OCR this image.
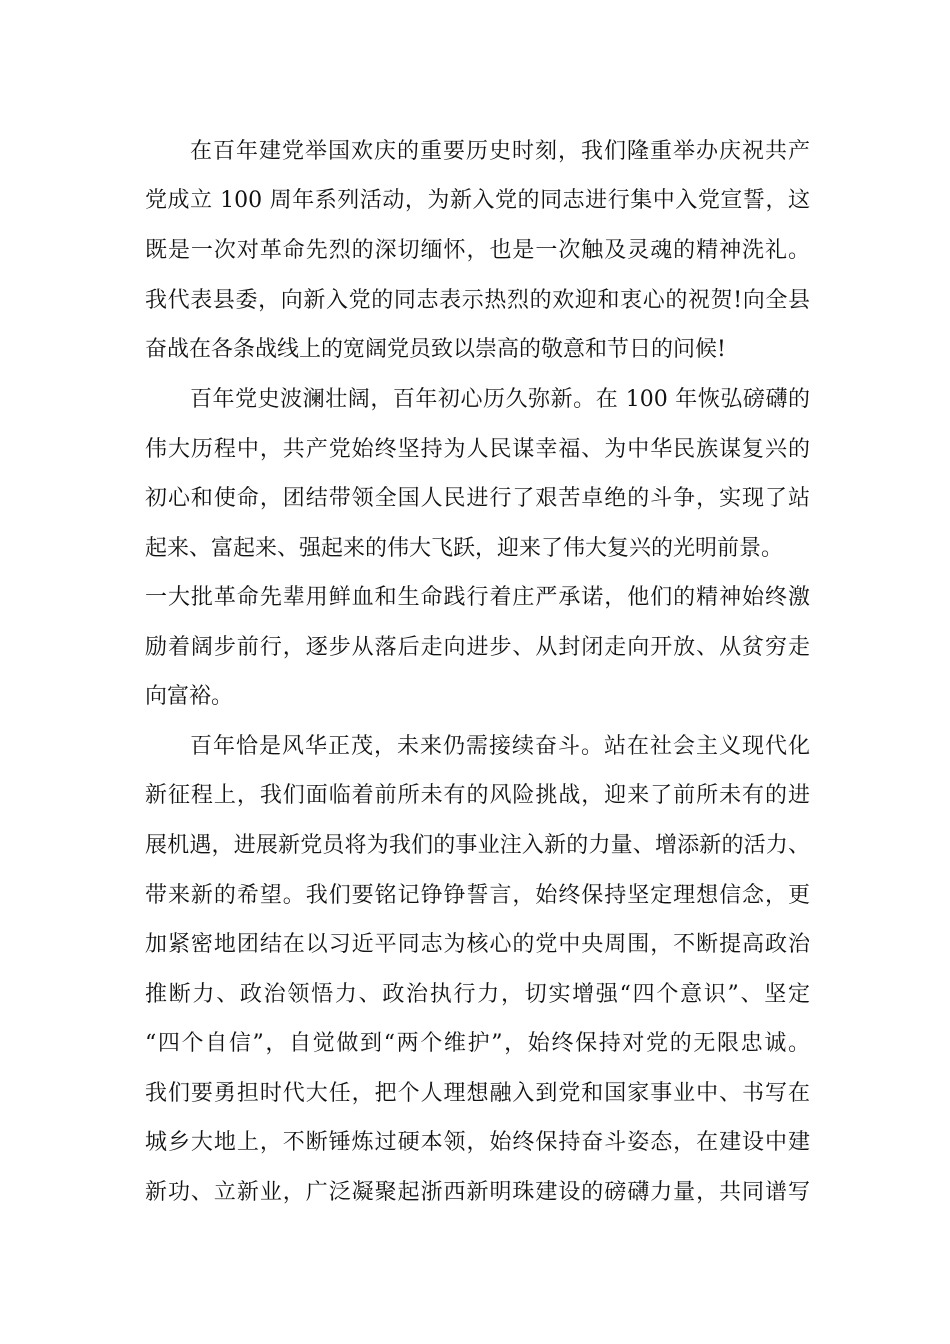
在百年建党举国欢庆的重要历史时刻，我们隆重举办庆祝共产
党成立 100 周年系列活动，为新入党的同志进行集中入党宣誓，这
既是一次对革命先烈的深切缅怀，也是一次触及灵魂的精神洗礼。
我代表县委，向新入党的同志表示热烈的欢迎和衷心的祝贺!向全县
奋战在各条战线上的宽阔党员致以崇高的敬意和节日的问候!
百年党史波澜壮阔，百年初心历久弥新。在 100 年恢弘磅礴的
伟大历程中，共产党始终坚持为人民谋幸福、为中华民族谋复兴的
初心和使命，团结带领全国人民进行了艰苦卓绝的斗争，实现了站
起来、富起来、强起来的伟大飞跃，迎来了伟大复兴的光明前景。
一大批革命先辈用鲜血和生命践行着庄严承诺，他们的精神始终激
励着阔步前行，逐步从落后走向进步、从封闭走向开放、从贫穷走
向富裕。
百年恰是风华正茂，未来仍需接续奋斗。站在社会主义现代化
新征程上，我们面临着前所未有的风险挑战，迎来了前所未有的进
展机遇，进展新党员将为我们的事业注入新的力量、增添新的活力、
带来新的希望。我们要铭记铮铮誓言，始终保持坚定理想信念，更
加紧密地团结在以习近平同志为核心的党中央周围，不断提高政治
推断力、政治领悟力、政治执行力，切实增强“四个意识”、坚定
“四个自信”，自觉做到“两个维护”，始终保持对党的无限忠诚。
我们要勇担时代大任，把个人理想融入到党和国家事业中、书写在
城乡大地上，不断锤炼过硬本领，始终保持奋斗姿态，在建设中建
新功、立新业，广泛凝聚起浙西新明珠建设的磅礴力量，共同谱写
